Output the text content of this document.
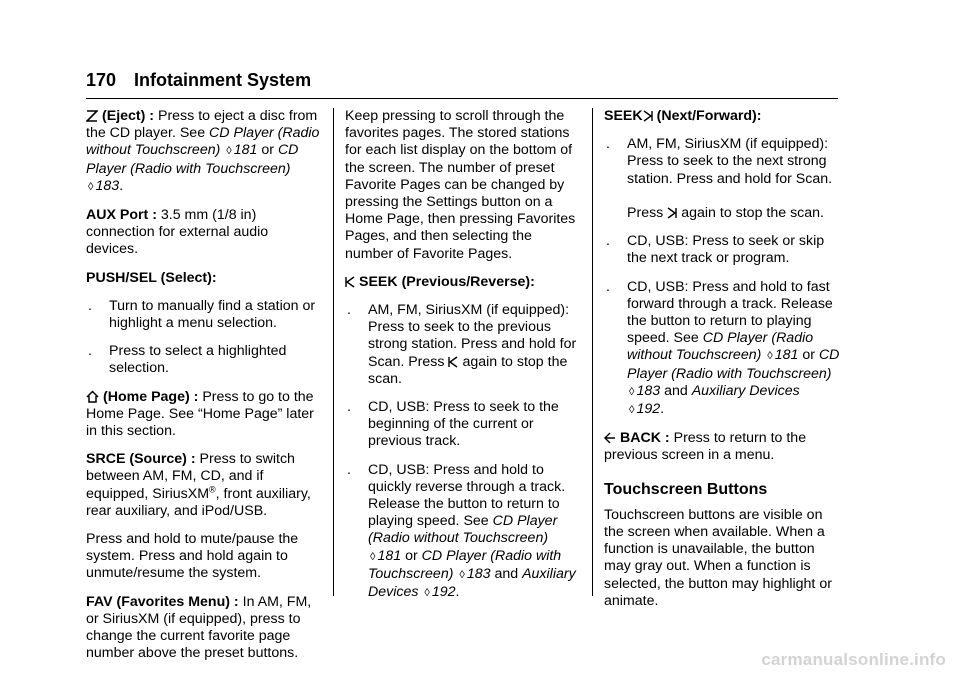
170 Infotainment System

(Eject) : Press to eject a disc from the CD player. See CD Player (Radio without Touchscreen) ◊ 181 or CD Player (Radio with Touchscreen) ◊ 183.

AUX Port : 3.5 mm (1/8 in) connection for external audio devices.

PUSH/SEL (Select):

. Turn to manually find a station or highlight a menu selection.
. Press to select a highlighted selection.

(Home Page) : Press to go to the Home Page. See “Home Page” later in this section.

SRCE (Source) : Press to switch between AM, FM, CD, and if equipped, SiriusXM®, front auxiliary, rear auxiliary, and iPod/USB.

Press and hold to mute/pause the system. Press and hold again to unmute/resume the system.

FAV (Favorites Menu) : In AM, FM, or SiriusXM (if equipped), press to change the current favorite page number above the preset buttons.

Keep pressing to scroll through the favorites pages. The stored stations for each list display on the bottom of the screen. The number of preset Favorite Pages can be changed by pressing the Settings button on a Home Page, then pressing Favorites Pages, and then selecting the number of Favorite Pages.

SEEK (Previous/Reverse):

. AM, FM, SiriusXM (if equipped): Press to seek to the previous strong station. Press and hold for Scan. Press again to stop the scan.
. CD, USB: Press to seek to the beginning of the current or previous track.
. CD, USB: Press and hold to quickly reverse through a track. Release the button to return to playing speed. See CD Player (Radio without Touchscreen) ◊ 181 or CD Player (Radio with Touchscreen) ◊ 183 and Auxiliary Devices ◊ 192.

SEEK (Next/Forward):

. AM, FM, SiriusXM (if equipped): Press to seek to the next strong station. Press and hold for Scan.

Press again to stop the scan.
. CD, USB: Press to seek or skip the next track or program.
. CD, USB: Press and hold to fast forward through a track. Release the button to return to playing speed. See CD Player (Radio without Touchscreen) ◊ 181 or CD Player (Radio with Touchscreen) ◊ 183 and Auxiliary Devices ◊ 192.

BACK : Press to return to the previous screen in a menu.

Touchscreen Buttons

Touchscreen buttons are visible on the screen when available. When a function is unavailable, the button may gray out. When a function is selected, the button may highlight or animate.

carmanualsonline.info
